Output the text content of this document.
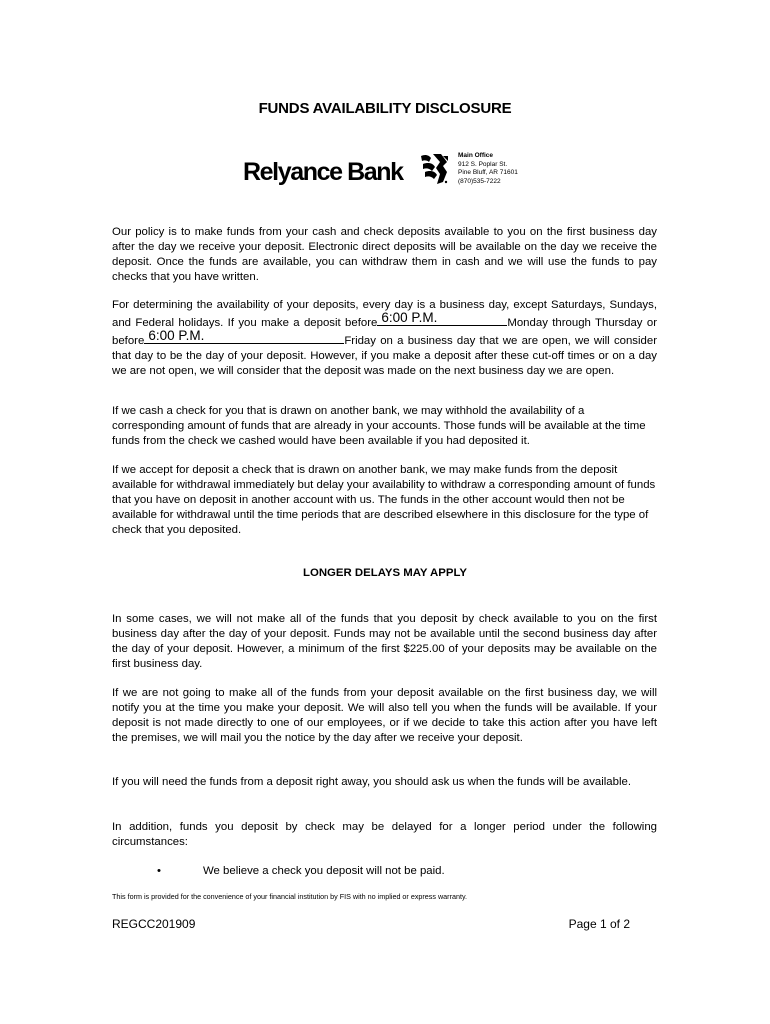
FUNDS AVAILABILITY DISCLOSURE
Relyance Bank
Main Office
912 S. Poplar St.
Pine Bluff, AR 71601
(870)535-7222
Our policy is to make funds from your cash and check deposits available to you on the first business day after the day we receive your deposit. Electronic direct deposits will be available on the day we receive the deposit. Once the funds are available, you can withdraw them in cash and we will use the funds to pay checks that you have written.
For determining the availability of your deposits, every day is a business day, except Saturdays, Sundays, and Federal holidays. If you make a deposit before 6:00 P.M.	Monday through Thursday or before 6:00 P.M.	Friday on a business day that we are open, we will consider that day to be the day of your deposit. However, if you make a deposit after these cut-off times or on a day we are not open, we will consider that the deposit was made on the next business day we are open.
If we cash a check for you that is drawn on another bank, we may withhold the availability of a corresponding amount of funds that are already in your accounts. Those funds will be available at the time funds from the check we cashed would have been available if you had deposited it.
If we accept for deposit a check that is drawn on another bank, we may make funds from the deposit available for withdrawal immediately but delay your availability to withdraw a corresponding amount of funds that you have on deposit in another account with us. The funds in the other account would then not be available for withdrawal until the time periods that are described elsewhere in this disclosure for the type of check that you deposited.
LONGER DELAYS MAY APPLY
In some cases, we will not make all of the funds that you deposit by check available to you on the first business day after the day of your deposit. Funds may not be available until the second business day after the day of your deposit. However, a minimum of the first $225.00 of your deposits may be available on the first business day.
If we are not going to make all of the funds from your deposit available on the first business day, we will notify you at the time you make your deposit. We will also tell you when the funds will be available. If your deposit is not made directly to one of our employees, or if we decide to take this action after you have left the premises, we will mail you the notice by the day after we receive your deposit.
If you will need the funds from a deposit right away, you should ask us when the funds will be available.
In addition, funds you deposit by check may be delayed for a longer period under the following circumstances:
•	We believe a check you deposit will not be paid.
This form is provided for the convenience of your financial institution by FIS with no implied or express warranty.
REGCC201909	Page 1 of 2
